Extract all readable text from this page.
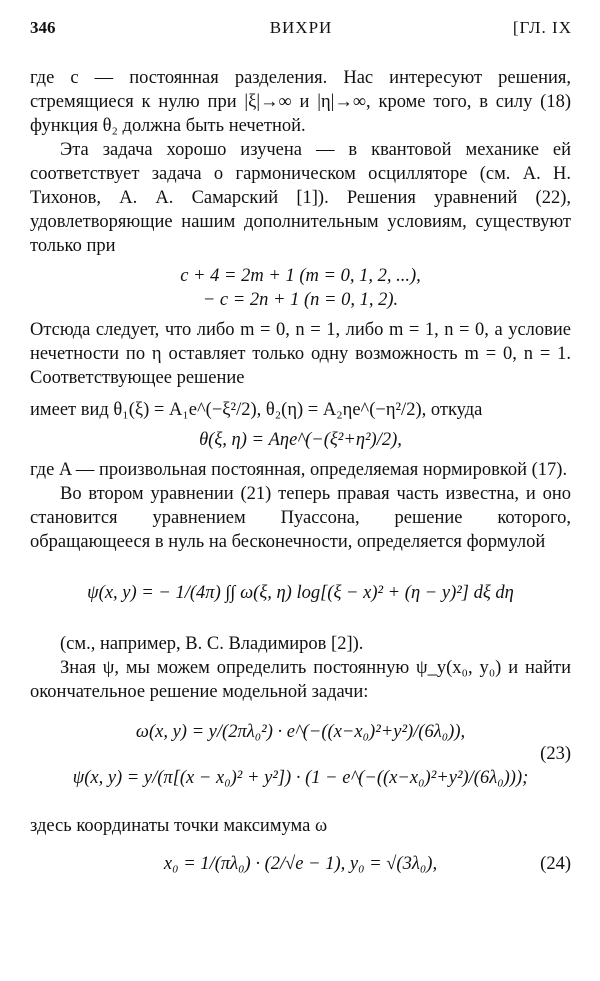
346	ВИХРИ	[ГЛ. IX

где c — постоянная разделения. Нас интересуют решения, стремящиеся к нулю при |ξ|→∞ и |η|→∞, кроме того, в силу (18) функция θ₂ должна быть нечетной.

Эта задача хорошо изучена — в квантовой механике ей соответствует задача о гармоническом осцилляторе (см. А. Н. Тихонов, А. А. Самарский [1]). Решения уравнений (22), удовлетворяющие нашим дополнительным условиям, существуют только при

c + 4 = 2m + 1 (m = 0, 1, 2, ...),
− c = 2n + 1 (n = 0, 1, 2).

Отсюда следует, что либо m = 0, n = 1, либо m = 1, n = 0, а условие нечетности по η оставляет только одну возможность m = 0, n = 1. Соответствующее решение

имеет вид θ₁(ξ) = A₁e^(−ξ²/2), θ₂(η) = A₂ηe^(−η²/2), откуда

θ(ξ, η) = Aηe^(−(ξ²+η²)/2),

где A — произвольная постоянная, определяемая нормировкой (17).

Во втором уравнении (21) теперь правая часть известна, и оно становится уравнением Пуассона, решение которого, обращающееся в нуль на бесконечности, определяется формулой

ψ(x, y) = − 1/(4π) ∫∫ ω(ξ, η) log[(ξ − x)² + (η − y)²] dξ dη

(см., например, В. С. Владимиров [2]).

Зная ψ, мы можем определить постоянную ψ_y(x₀, y₀) и найти окончательное решение модельной задачи:

ω(x, y) = y/(2πλ₀²) · e^(−((x−x₀)²+y²)/(6λ₀)),
(23)
ψ(x, y) = y/(π[(x − x₀)² + y²]) · (1 − e^(−((x−x₀)²+y²)/(6λ₀)));

здесь координаты точки максимума ω

x₀ = 1/(πλ₀) · (2/√e − 1), y₀ = √(3λ₀),	(24)
